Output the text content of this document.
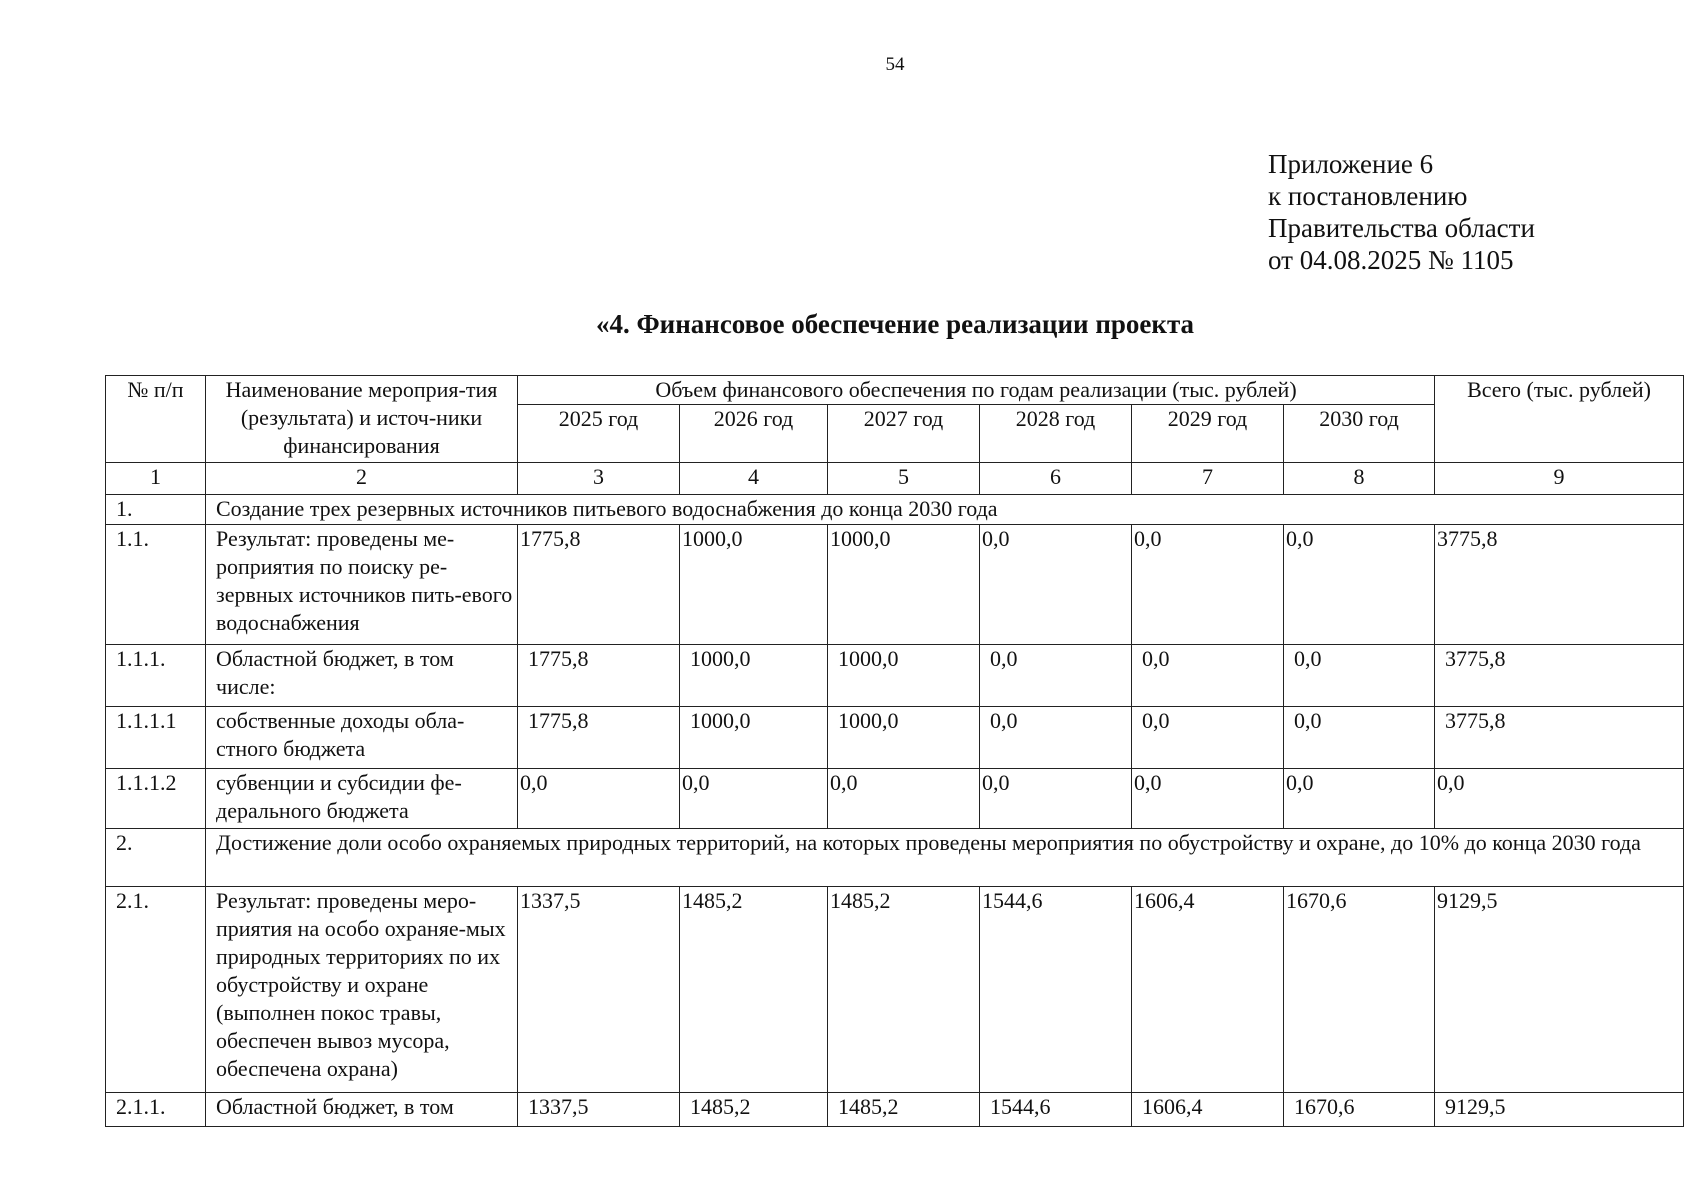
54
Приложение 6
к постановлению
Правительства области
от 04.08.2025 № 1105
«4. Финансовое обеспечение реализации проекта
№ п/п	Наименование мероприя-тия (результата) и источ-ники финансирования	Объем финансового обеспечения по годам реализации (тыс. рублей)						Всего (тыс. рублей)
		2025 год	2026 год	2027 год	2028 год	2029 год	2030 год	
1	2	3	4	5	6	7	8	9
1.	Создание трех резервных источников питьевого водоснабжения до конца 2030 года							
1.1.	Результат: проведены ме-роприятия по поиску ре-зервных источников пить-евого водоснабжения	1775,8	1000,0	1000,0	0,0	0,0	0,0	3775,8
1.1.1.	Областной бюджет, в том числе:	1775,8	1000,0	1000,0	0,0	0,0	0,0	3775,8
1.1.1.1	собственные доходы обла-стного бюджета	1775,8	1000,0	1000,0	0,0	0,0	0,0	3775,8
1.1.1.2	субвенции и субсидии фе-дерального бюджета	0,0	0,0	0,0	0,0	0,0	0,0	0,0
2.	Достижение доли особо охраняемых природных территорий, на которых проведены мероприятия по обустройству и охране, до 10% до конца 2030 года							
2.1.	Результат: проведены меро-приятия на особо охраняе-мых природных территориях по их обустройству и охране (выполнен покос травы, обеспечен вывоз мусора, обеспечена охрана)	1337,5	1485,2	1485,2	1544,6	1606,4	1670,6	9129,5
2.1.1.	Областной бюджет, в том	1337,5	1485,2	1485,2	1544,6	1606,4	1670,6	9129,5
